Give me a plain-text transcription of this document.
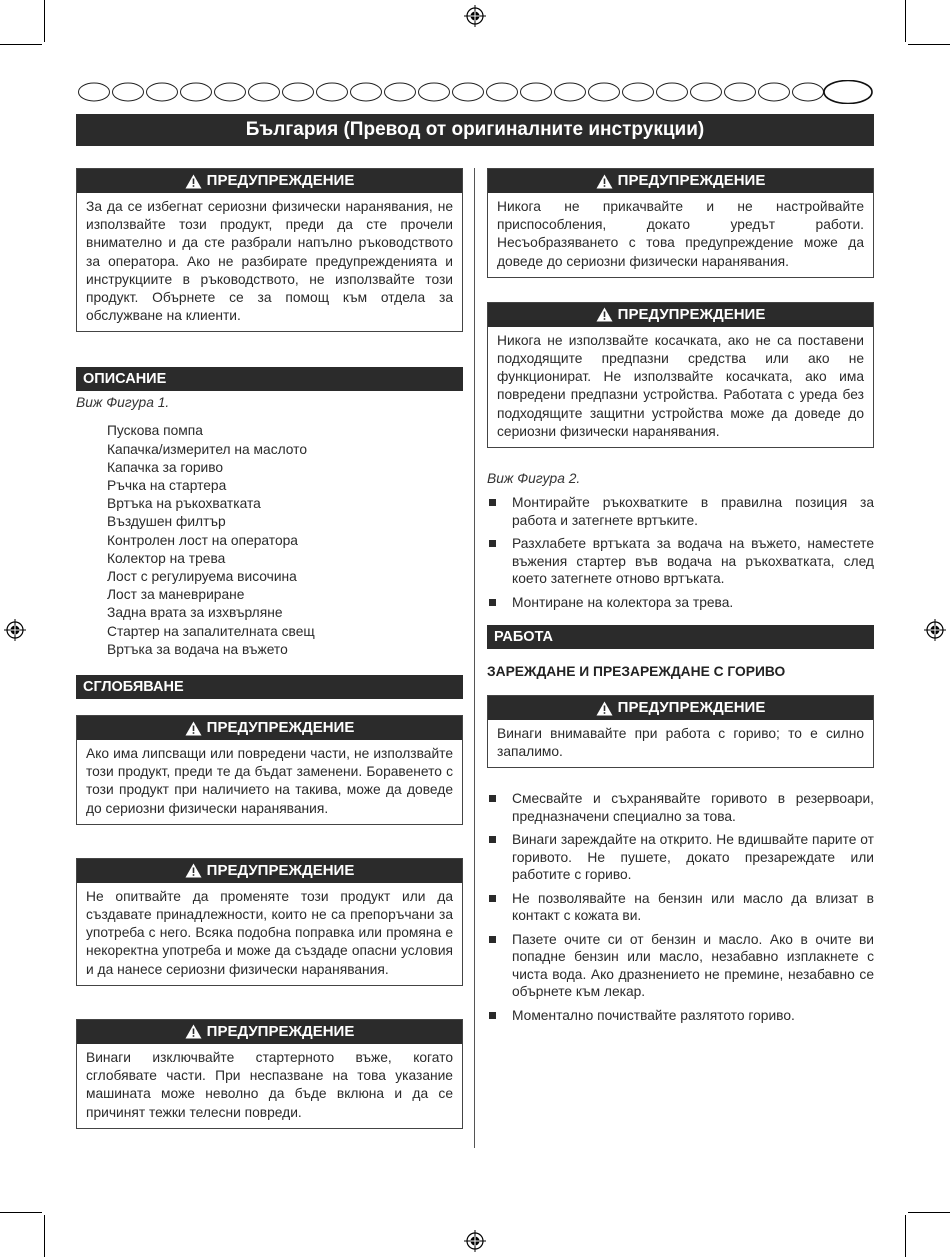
България (Превод от оригиналните инструкции)
ПРЕДУПРЕЖДЕНИЕ
За да се избегнат сериозни физически наранявания, не използвайте този продукт, преди да сте прочели внимателно и да сте разбрали напълно ръководството за оператора. Ако не разбирате предупрежденията и инструкциите в ръководството, не използвайте този продукт. Обърнете се за помощ към отдела за обслужване на клиенти.
ОПИСАНИЕ
Виж Фигура 1.
Пускова помпа
Капачка/измерител на маслото
Капачка за гориво
Ръчка на стартера
Вртъка на ръкохватката
Въздушен филтър
Контролен лост на оператора
Колектор на трева
Лост с регулируема височина
Лост за маневриране
Задна врата за изхвърляне
Стартер на запалителната свещ
Вртъка за водача на въжето
СГЛОБЯВАНЕ
ПРЕДУПРЕЖДЕНИЕ
Ако има липсващи или повредени части, не използвайте този продукт, преди те да бъдат заменени. Боравенето с този продукт при наличието на такива, може да доведе до сериозни физически наранявания.
ПРЕДУПРЕЖДЕНИЕ
Не опитвайте да променяте този продукт или да създавате принадлежности, които не са препоръчани за употреба с него. Всяка подобна поправка или промяна е некоректна употреба и може да създаде опасни условия и да нанесе сериозни физически наранявания.
ПРЕДУПРЕЖДЕНИЕ
Винаги изключвайте стартерното въже, когато сглобявате части. При неспазване на това указание машината може неволно да бъде вклюна и да се причинят тежки телесни повреди.
ПРЕДУПРЕЖДЕНИЕ
Никога не прикачвайте и не настройвайте приспособления, докато уредът работи. Несъобразяването с това предупреждение може да доведе до сериозни физически наранявания.
ПРЕДУПРЕЖДЕНИЕ
Никога не използвайте косачката, ако не са поставени подходящите предпазни средства или ако не функционират. Не използвайте косачката, ако има повредени предпазни устройства. Работата с уреда без подходящите защитни устройства може да доведе до сериозни физически наранявания.
Виж Фигура 2.
Монтирайте ръкохватките в правилна позиция за работа и затегнете вртъките.
Разхлабете вртъката за водача на въжето, наместете въжения стартер във водача на ръкохватката, след което затегнете отново вртъката.
Монтиране на колектора за трева.
РАБОТА
ЗАРЕЖДАНЕ И ПРЕЗАРЕЖДАНЕ С ГОРИВО
ПРЕДУПРЕЖДЕНИЕ
Винаги внимавайте при работа с гориво; то е силно запалимо.
Смесвайте и съхранявайте горивото в резервоари, предназначени специално за това.
Винаги зареждайте на открито. Не вдишвайте парите от горивото. Не пушете, докато презареждате или работите с гориво.
Не позволявайте на бензин или масло да влизат в контакт с кожата ви.
Пазете очите си от бензин и масло. Ако в очите ви попадне бензин или масло, незабавно изплакнете с чиста вода. Ако дразнението не премине, незабавно се обърнете към лекар.
Моментално почиствайте разлятото гориво.
